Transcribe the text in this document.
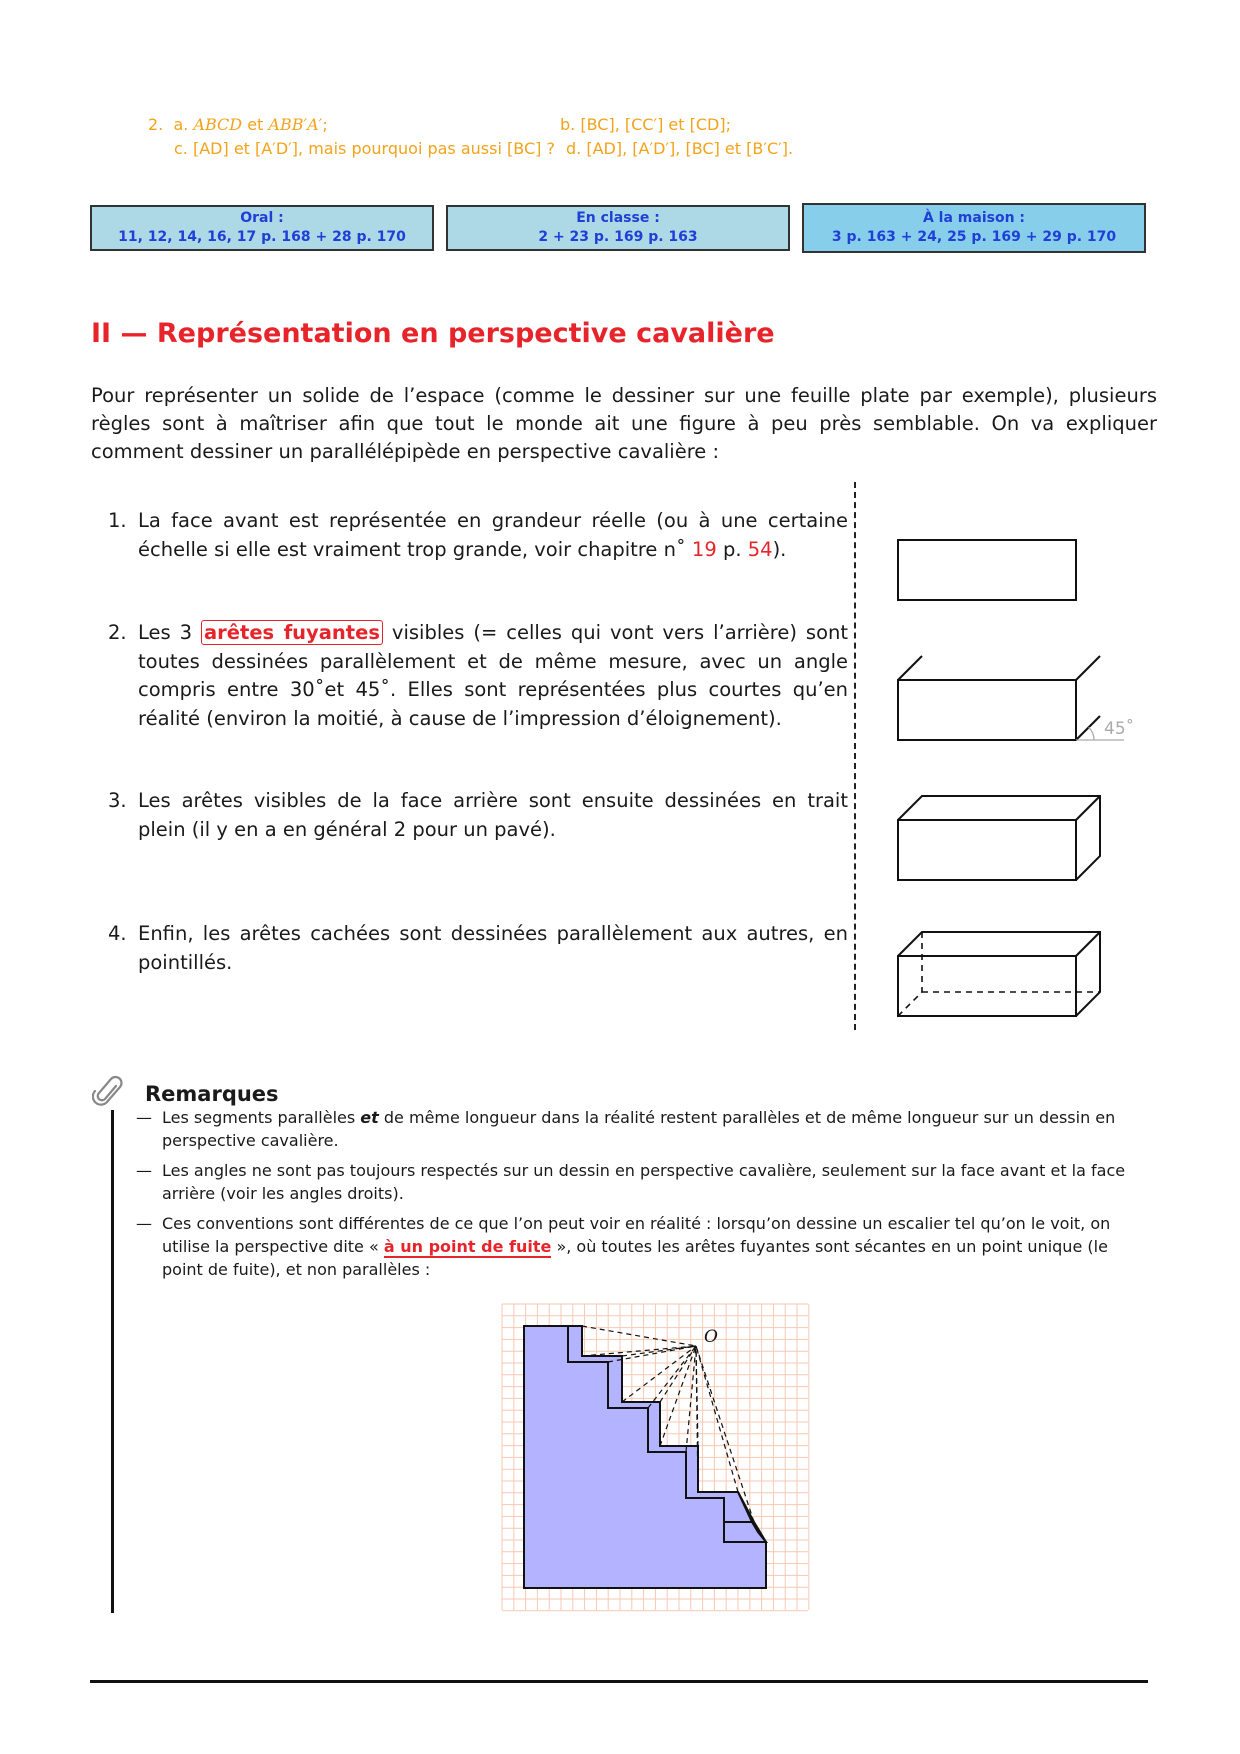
2. a. ABCD et ABB′A′;	b. [BC], [CC′] et [CD];
c. [AD] et [A′D′], mais pourquoi pas aussi [BC] ? d. [AD], [A′D′], [BC] et [B′C′].
Oral :
11, 12, 14, 16, 17 p. 168 + 28 p. 170
En classe :
2 + 23 p. 169 p. 163
À la maison :
3 p. 163 + 24, 25 p. 169 + 29 p. 170
II — Représentation en perspective cavalière
Pour représenter un solide de l’espace (comme le dessiner sur une feuille plate par exemple), plusieurs règles sont à maîtriser afin que tout le monde ait une figure à peu près semblable. On va expliquer comment dessiner un parallélépipède en perspective cavalière :
1. La face avant est représentée en grandeur réelle (ou à une certaine échelle si elle est vraiment trop grande, voir chapitre n˚ 19 p. 54).
2. Les 3 arêtes fuyantes visibles (= celles qui vont vers l’arrière) sont toutes dessinées parallèlement et de même mesure, avec un angle compris entre 30˚et 45˚. Elles sont représentées plus courtes qu’en réalité (environ la moitié, à cause de l’impression d’éloignement).
3. Les arêtes visibles de la face arrière sont ensuite dessinées en trait plein (il y en a en général 2 pour un pavé).
4. Enfin, les arêtes cachées sont dessinées parallèlement aux autres, en pointillés.
45˚
Remarques
— Les segments parallèles et de même longueur dans la réalité restent parallèles et de même longueur sur un dessin en perspective cavalière.
— Les angles ne sont pas toujours respectés sur un dessin en perspective cavalière, seulement sur la face avant et la face arrière (voir les angles droits).
— Ces conventions sont différentes de ce que l’on peut voir en réalité : lorsqu’on dessine un escalier tel qu’on le voit, on utilise la perspective dite « à un point de fuite », où toutes les arêtes fuyantes sont sécantes en un point unique (le point de fuite), et non parallèles :
O
